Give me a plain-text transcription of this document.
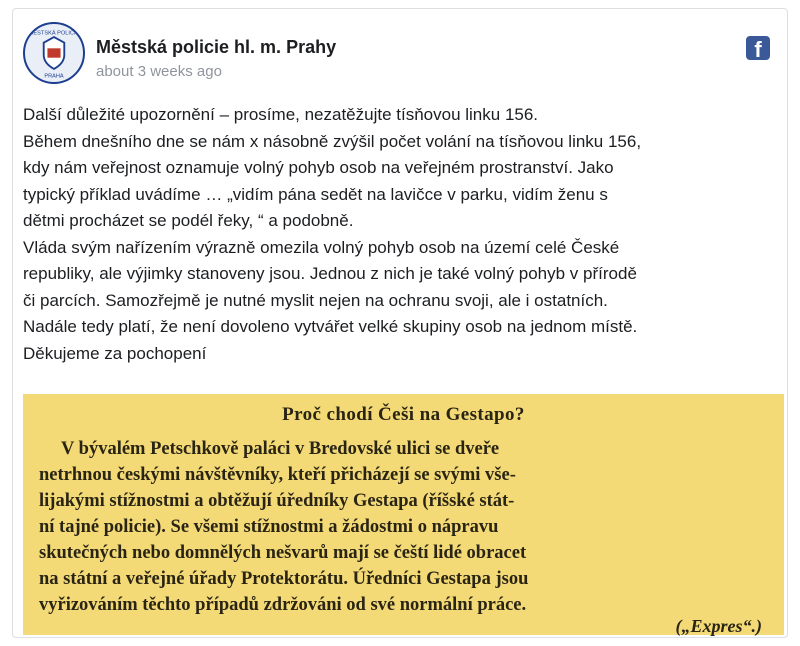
MĚSTSKÁ POLICIE
PRAHA
Městská policie hl. m. Prahy
about 3 weeks ago
f
Další důležité upozornění – prosíme, nezatěžujte tísňovou linku 156.
Během dnešního dne se nám x násobně zvýšil počet volání na tísňovou linku 156,
kdy nám veřejnost oznamuje volný pohyb osob na veřejném prostranství. Jako
typický příklad uvádíme … „vidím pána sedět na lavičce v parku, vidím ženu s
dětmi procházet se podél řeky, “ a podobně.
Vláda svým nařízením výrazně omezila volný pohyb osob na území celé České
republiky, ale výjimky stanoveny jsou. Jednou z nich je také volný pohyb v přírodě
či parcích. Samozřejmě je nutné myslit nejen na ochranu svoji, ale i ostatních.
Nadále tedy platí, že není dovoleno vytvářet velké skupiny osob na jednom místě.
Děkujeme za pochopení
Proč chodí Češi na Gestapo?
V bývalém Petschkově paláci v Bredovské ulici se dveře
netrhnou českými návštěvníky, kteří přicházejí se svými vše-
lijakými stížnostmi a obtěžují úředníky Gestapa (říšské stát-
ní tajné policie). Se všemi stížnostmi a žádostmi o nápravu
skutečných nebo domnělých nešvarů mají se čeští lidé obracet
na státní a veřejné úřady Protektorátu. Úředníci Gestapa jsou
vyřizováním těchto případů zdržováni od své normální práce.
(„Expres“.)
